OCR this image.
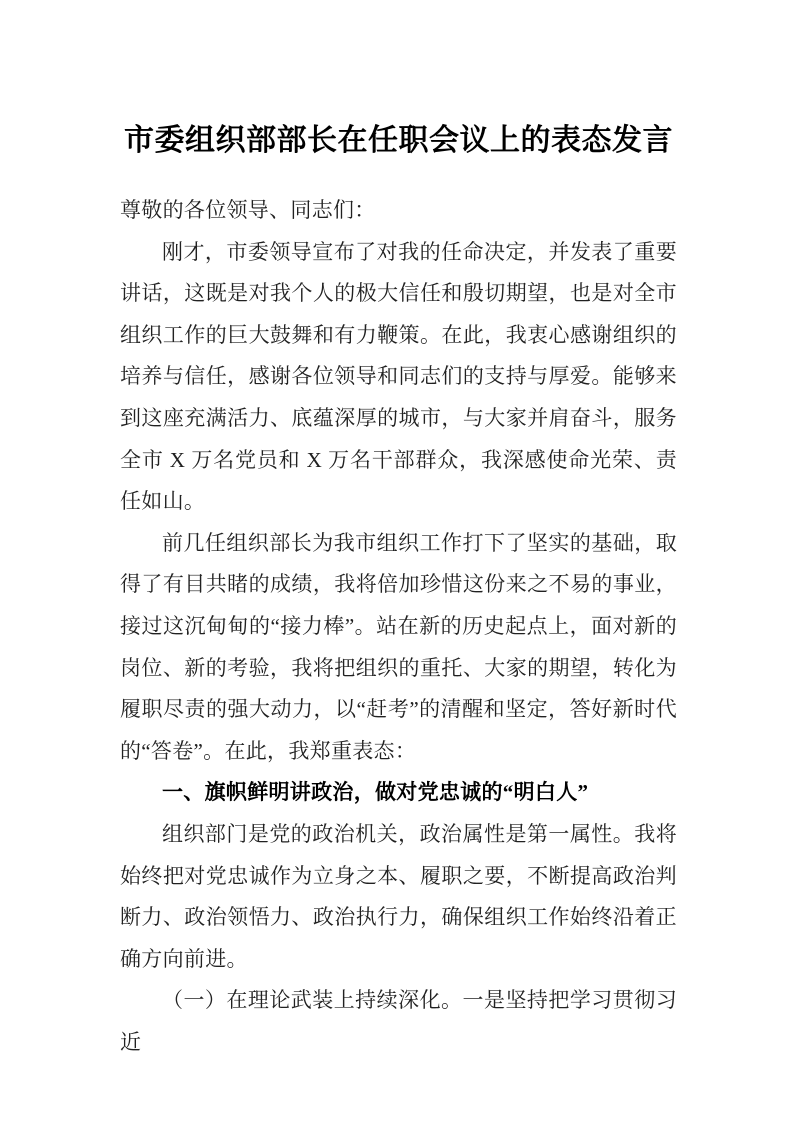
市委组织部部长在任职会议上的表态发言

尊敬的各位领导、同志们：

刚才，市委领导宣布了对我的任命决定，并发表了重要讲话，这既是对我个人的极大信任和殷切期望，也是对全市组织工作的巨大鼓舞和有力鞭策。在此，我衷心感谢组织的培养与信任，感谢各位领导和同志们的支持与厚爱。能够来到这座充满活力、底蕴深厚的城市，与大家并肩奋斗，服务全市 X 万名党员和 X 万名干部群众，我深感使命光荣、责任如山。

前几任组织部长为我市组织工作打下了坚实的基础，取得了有目共睹的成绩，我将倍加珍惜这份来之不易的事业，接过这沉甸甸的“接力棒”。站在新的历史起点上，面对新的岗位、新的考验，我将把组织的重托、大家的期望，转化为履职尽责的强大动力，以“赶考”的清醒和坚定，答好新时代的“答卷”。在此，我郑重表态：

一、旗帜鲜明讲政治，做对党忠诚的“明白人”

组织部门是党的政治机关，政治属性是第一属性。我将始终把对党忠诚作为立身之本、履职之要，不断提高政治判断力、政治领悟力、政治执行力，确保组织工作始终沿着正确方向前进。

（一）在理论武装上持续深化。一是坚持把学习贯彻习近
